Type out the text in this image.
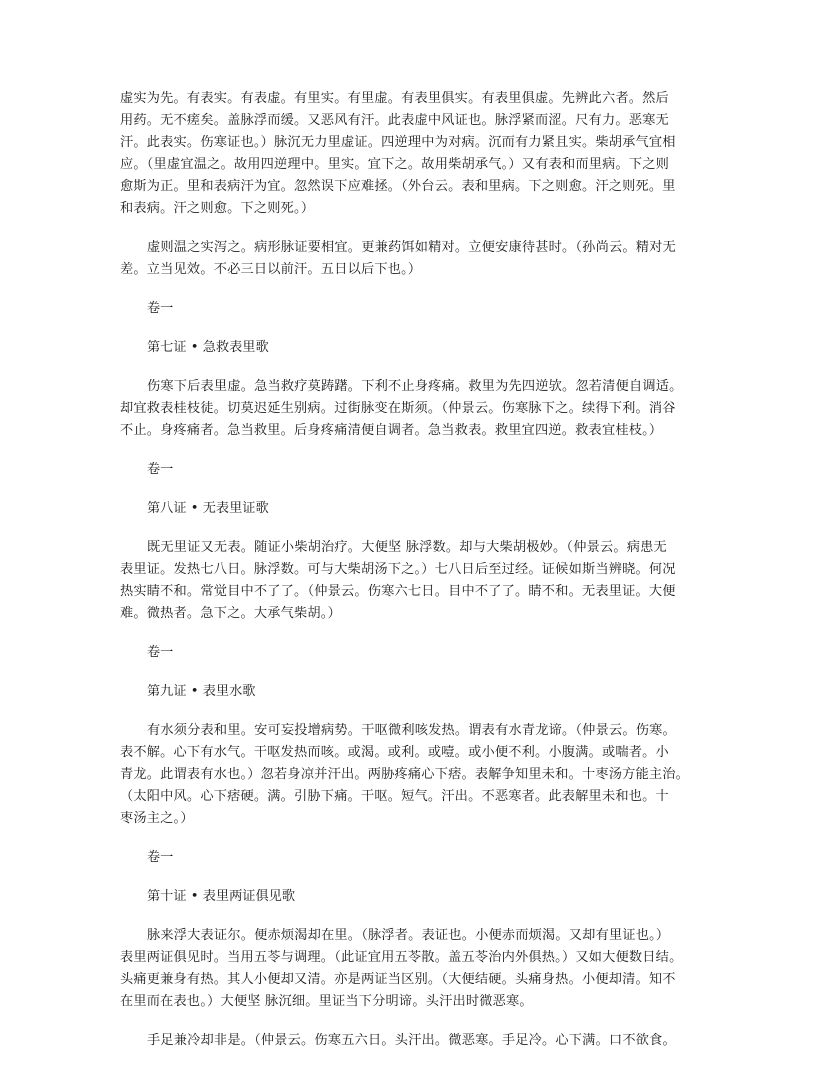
虚实为先。有表实。有表虚。有里实。有里虚。有表里俱实。有表里俱虚。先辨此六者。然后
用药。无不瘥矣。盖脉浮而缓。又恶风有汗。此表虚中风证也。脉浮紧而涩。尺有力。恶寒无
汗。此表实。伤寒证也。）脉沉无力里虚证。四逆理中为对病。沉而有力紧且实。柴胡承气宜相
应。（里虚宜温之。故用四逆理中。里实。宜下之。故用柴胡承气。）又有表和而里病。下之则
愈斯为正。里和表病汗为宜。忽然误下应难拯。（外台云。表和里病。下之则愈。汗之则死。里
和表病。汗之则愈。下之则死。）

虚则温之实泻之。病形脉证要相宜。更兼药饵如精对。立便安康待甚时。（孙尚云。精对无
差。立当见效。不必三日以前汗。五日以后下也。）

卷一
第七证 • 急救表里歌

伤寒下后表里虚。急当救疗莫踌躇。下利不止身疼痛。救里为先四逆欤。忽若清便自调适。
却宜救表桂枝徒。切莫迟延生别病。过街脉变在斯须。（仲景云。伤寒脉下之。续得下利。消谷
不止。身疼痛者。急当救里。后身疼痛清便自调者。急当救表。救里宜四逆。救表宜桂枝。）

卷一
第八证 • 无表里证歌

既无里证又无表。随证小柴胡治疗。大便坚 脉浮数。却与大柴胡极妙。（仲景云。病患无
表里证。发热七八日。脉浮数。可与大柴胡汤下之。）七八日后至过经。证候如斯当辨晓。何况
热实睛不和。常觉目中不了了。（仲景云。伤寒六七日。目中不了了。睛不和。无表里证。大便
难。微热者。急下之。大承气柴胡。）

卷一
第九证 • 表里水歌

有水须分表和里。安可妄投增病势。干呕微利咳发热。谓表有水青龙谛。（仲景云。伤寒。
表不解。心下有水气。干呕发热而咳。或渴。或利。或噎。或小便不利。小腹满。或喘者。小
青龙。此谓表有水也。）忽若身凉并汗出。两胁疼痛心下痞。表解争知里未和。十枣汤方能主治。
（太阳中风。心下痞硬。满。引胁下痛。干呕。短气。汗出。不恶寒者。此表解里未和也。十
枣汤主之。）

卷一
第十证 • 表里两证俱见歌

脉来浮大表证尔。便赤烦渴却在里。（脉浮者。表证也。小便赤而烦渴。又却有里证也。）
表里两证俱见时。当用五苓与调理。（此证宜用五苓散。盖五苓治内外俱热。）又如大便数日结。
头痛更兼身有热。其人小便却又清。亦是两证当区别。（大便结硬。头痛身热。小便却清。知不
在里而在表也。）大便坚 脉沉细。里证当下分明谛。头汗出时微恶寒。

手足兼冷却非是。（仲景云。伤寒五六日。头汗出。微恶寒。手足冷。心下满。口不欲食。
